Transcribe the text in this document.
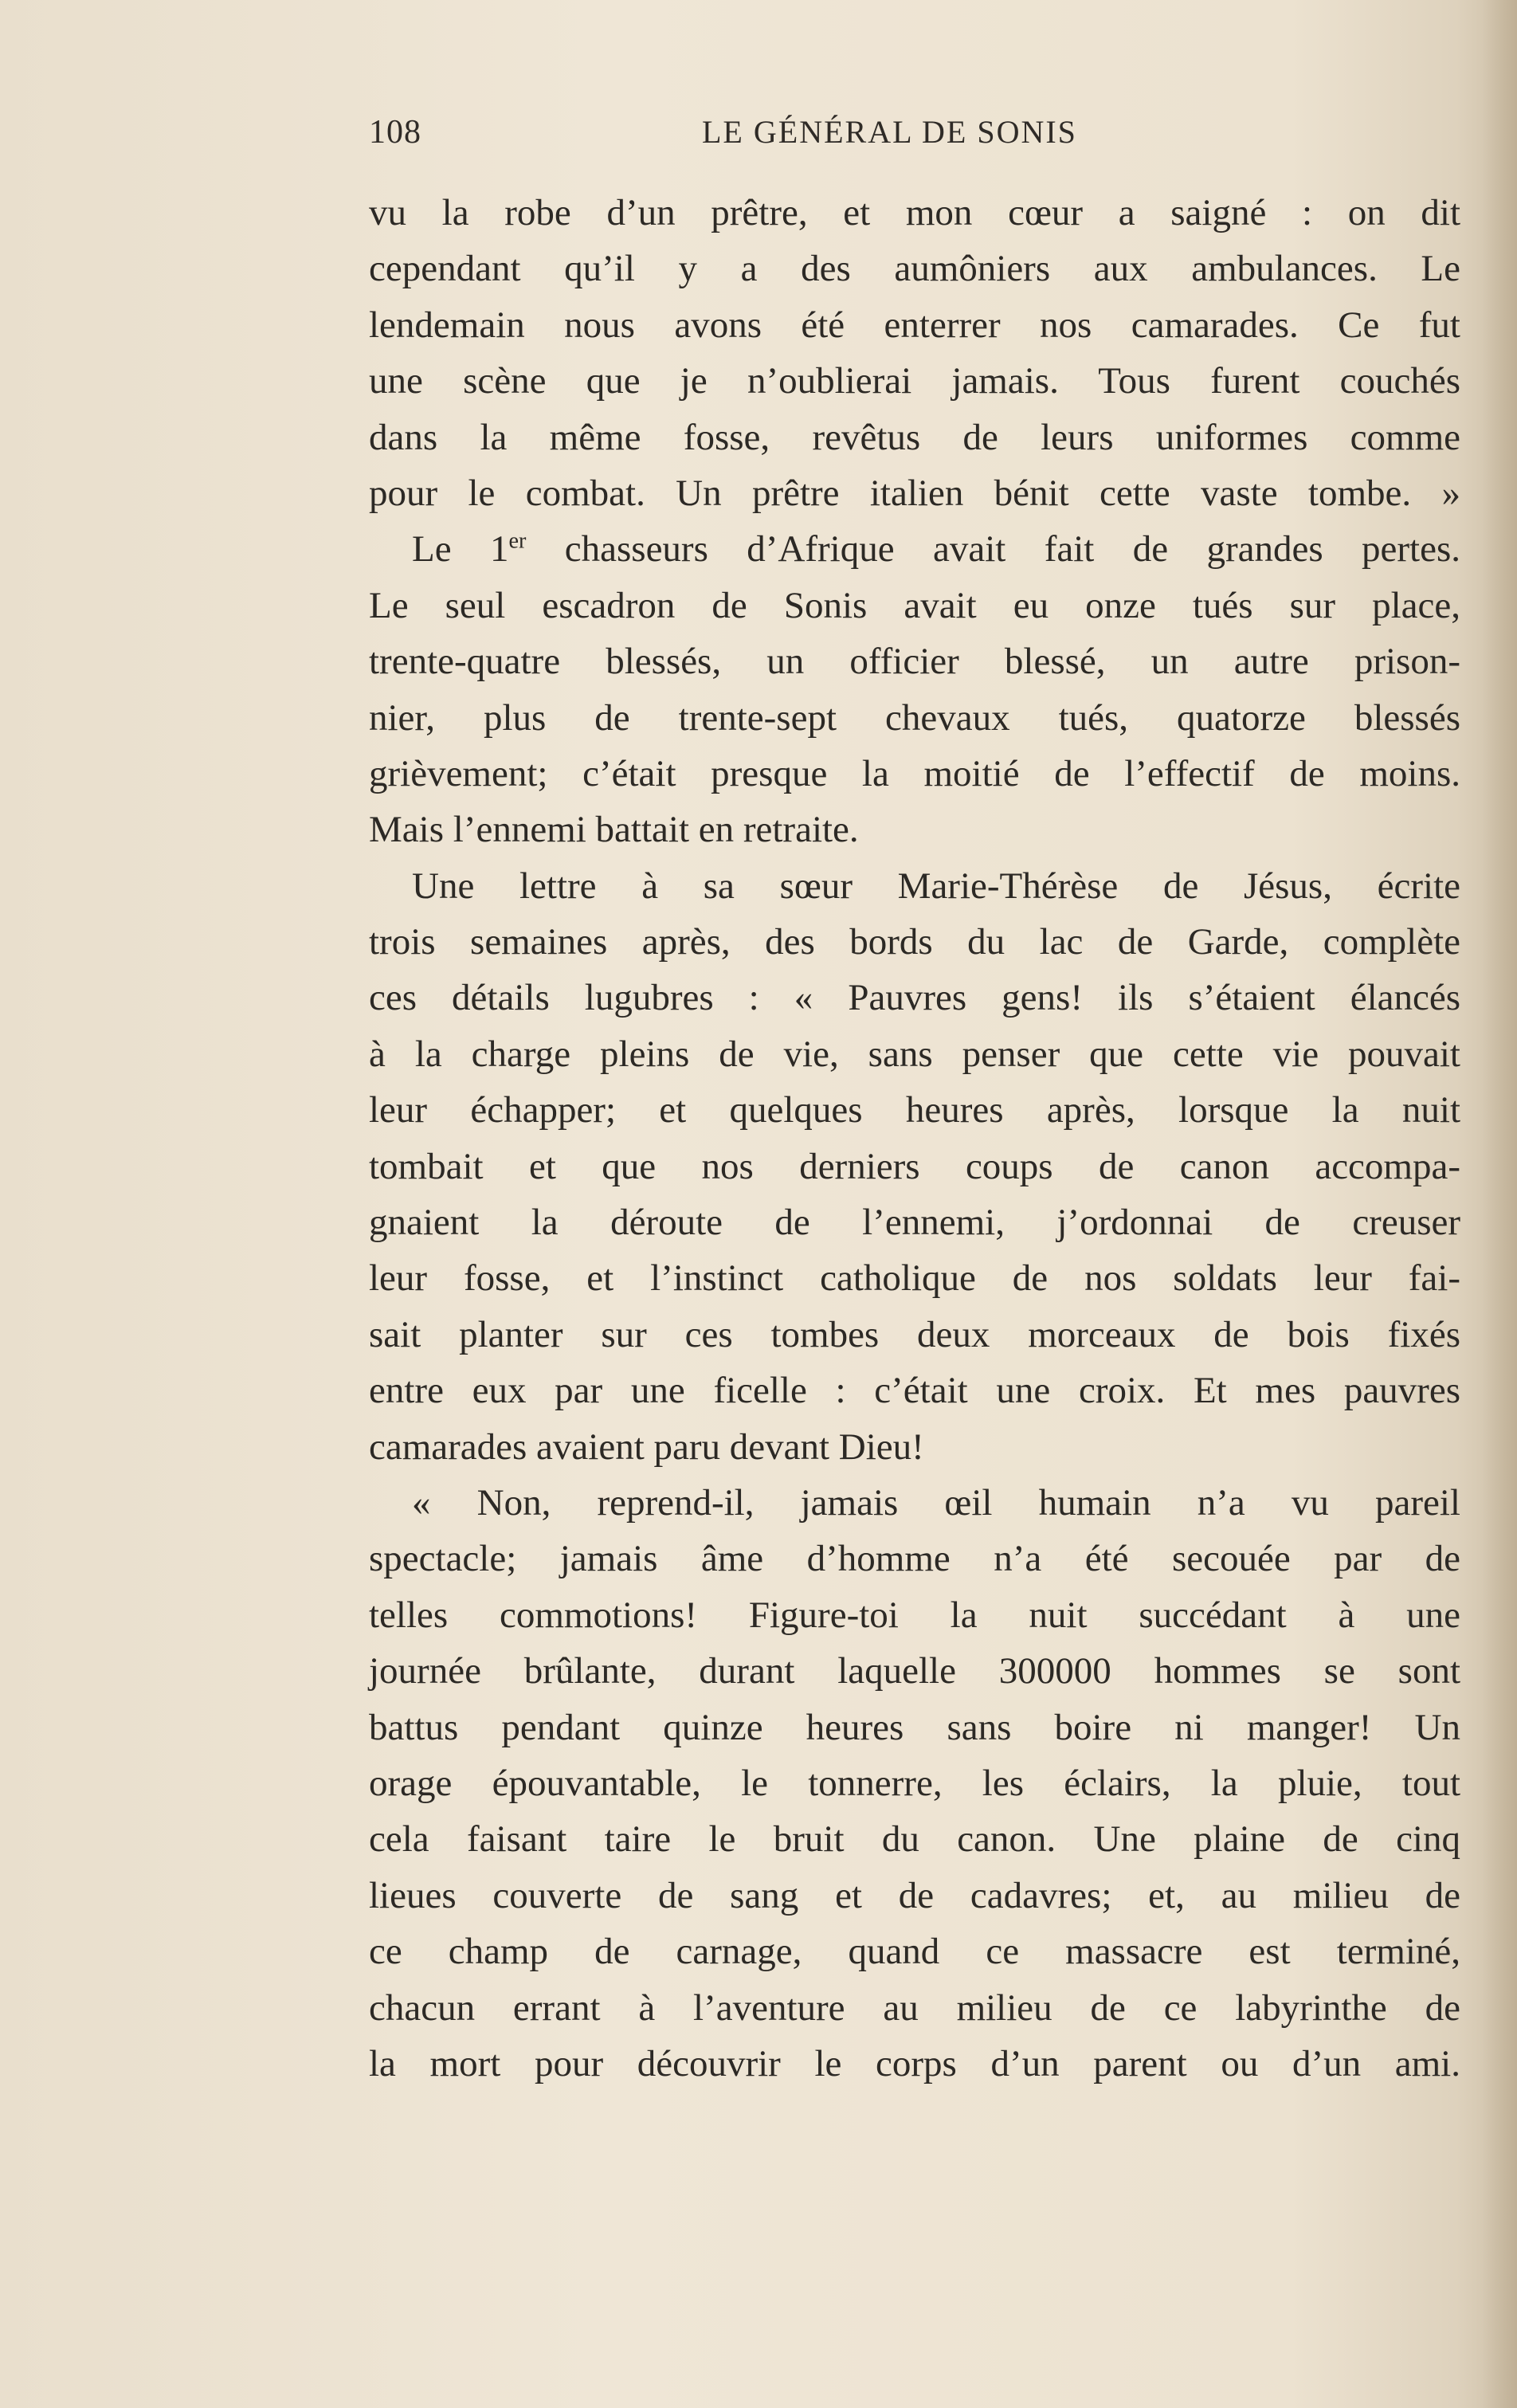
108	LE GÉNÉRAL DE SONIS
vu la robe d’un prêtre, et mon cœur a saigné : on dit
cependant qu’il y a des aumôniers aux ambulances. Le
lendemain nous avons été enterrer nos camarades. Ce fut
une scène que je n’oublierai jamais. Tous furent couchés
dans la même fosse, revêtus de leurs uniformes comme
pour le combat. Un prêtre italien bénit cette vaste tombe. »
Le 1er chasseurs d’Afrique avait fait de grandes pertes.
Le seul escadron de Sonis avait eu onze tués sur place,
trente-quatre blessés, un officier blessé, un autre prison-
nier, plus de trente-sept chevaux tués, quatorze blessés
grièvement; c’était presque la moitié de l’effectif de moins.
Mais l’ennemi battait en retraite.
Une lettre à sa sœur Marie-Thérèse de Jésus, écrite
trois semaines après, des bords du lac de Garde, complète
ces détails lugubres : « Pauvres gens! ils s’étaient élancés
à la charge pleins de vie, sans penser que cette vie pouvait
leur échapper; et quelques heures après, lorsque la nuit
tombait et que nos derniers coups de canon accompa-
gnaient la déroute de l’ennemi, j’ordonnai de creuser
leur fosse, et l’instinct catholique de nos soldats leur fai-
sait planter sur ces tombes deux morceaux de bois fixés
entre eux par une ficelle : c’était une croix. Et mes pauvres
camarades avaient paru devant Dieu!
« Non, reprend-il, jamais œil humain n’a vu pareil
spectacle; jamais âme d’homme n’a été secouée par de
telles commotions! Figure-toi la nuit succédant à une
journée brûlante, durant laquelle 300000 hommes se sont
battus pendant quinze heures sans boire ni manger! Un
orage épouvantable, le tonnerre, les éclairs, la pluie, tout
cela faisant taire le bruit du canon. Une plaine de cinq
lieues couverte de sang et de cadavres; et, au milieu de
ce champ de carnage, quand ce massacre est terminé,
chacun errant à l’aventure au milieu de ce labyrinthe de
la mort pour découvrir le corps d’un parent ou d’un ami.
